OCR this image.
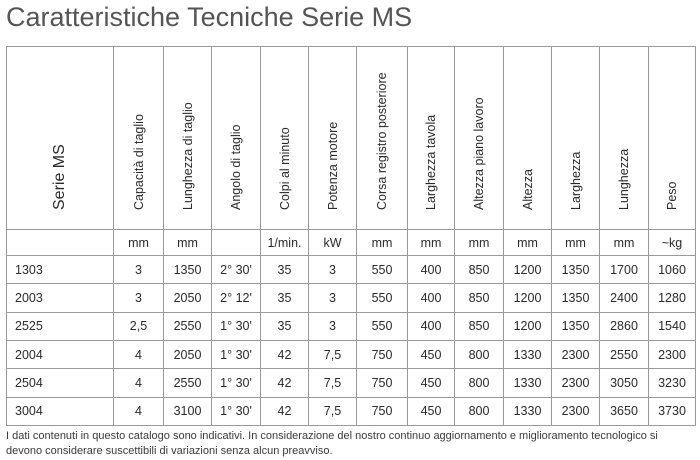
Caratteristiche Tecniche Serie MS
Serie MS	Capacità di taglio	Lunghezza di taglio	Angolo di taglio	Colpi al minuto	Potenza motore	Corsa registro posteriore	Larghezza tavola	Altezza piano lavoro	Altezza	Larghezza	Lunghezza	Peso

	mm	mm		1/min.	kW	mm	mm	mm	mm	mm	mm	~kg
1303	3	1350	2° 30'	35	3	550	400	850	1200	1350	1700	1060
2003	3	2050	2° 12'	35	3	550	400	850	1200	1350	2400	1280
2525	2,5	2550	1° 30'	35	3	550	400	850	1200	1350	2860	1540
2004	4	2050	1° 30'	42	7,5	750	450	800	1330	2300	2550	2300
2504	4	2550	1° 30'	42	7,5	750	450	800	1330	2300	3050	3230
3004	4	3100	1° 30'	42	7,5	750	450	800	1330	2300	3650	3730
I dati contenuti in questo catalogo sono indicativi. In considerazione del nostro continuo aggiornamento e miglioramento tecnologico si devono considerare suscettibili di variazioni senza alcun preavviso.
